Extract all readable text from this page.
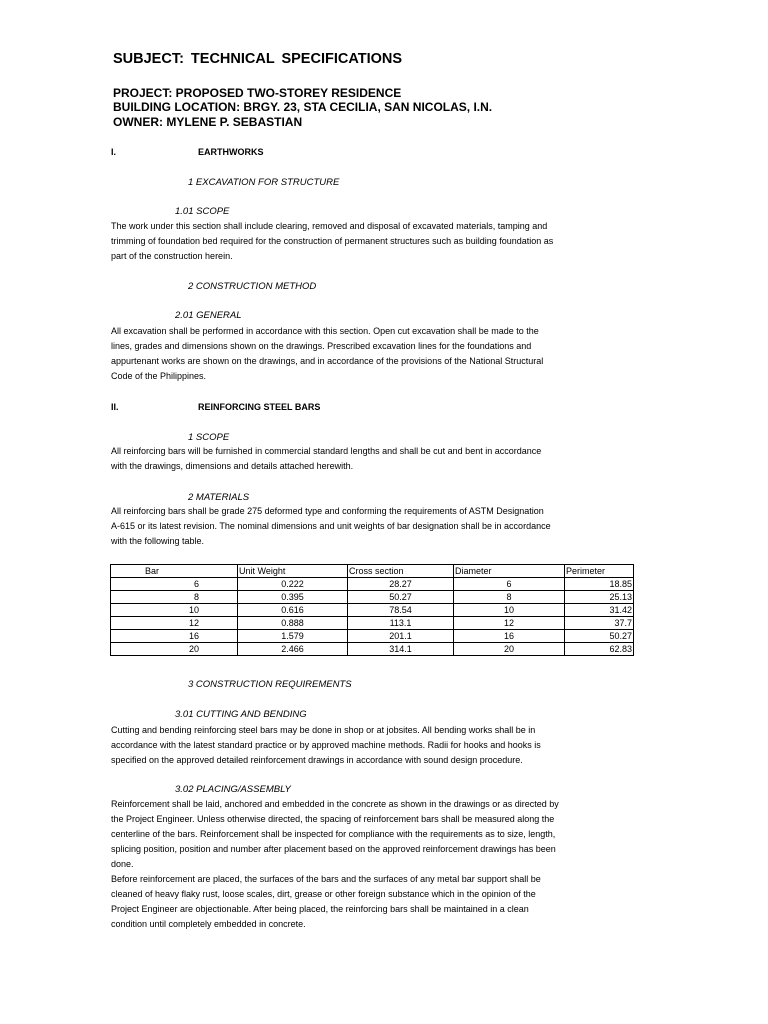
SUBJECT: TECHNICAL SPECIFICATIONS
PROJECT: PROPOSED TWO-STOREY RESIDENCE
BUILDING LOCATION: BRGY. 23, STA CECILIA, SAN NICOLAS, I.N.
OWNER: MYLENE P. SEBASTIAN
I.	EARTHWORKS
1 EXCAVATION FOR STRUCTURE
1.01 SCOPE
The work under this section shall include clearing, removed and disposal of excavated materials, tamping and
trimming of foundation bed required for the construction of permanent structures such as building foundation as
part of the construction herein.
2 CONSTRUCTION METHOD
2.01 GENERAL
All excavation shall be performed in accordance with this section. Open cut excavation shall be made to the
lines, grades and dimensions shown on the drawings. Prescribed excavation lines for the foundations and
appurtenant works are shown on the drawings, and in accordance of the provisions of the National Structural
Code of the Philippines.
II.	REINFORCING STEEL BARS
1 SCOPE
All reinforcing bars will be furnished in commercial standard lengths and shall be cut and bent in accordance
with the drawings, dimensions and details attached herewith.
2 MATERIALS
All reinforcing bars shall be grade 275 deformed type and conforming the requirements of ASTM Designation
A-615 or its latest revision. The nominal dimensions and unit weights of bar designation shall be in accordance
with the following table.
Bar	Unit Weight	Cross section	Diameter	Perimeter
6	0.222	28.27	6	18.85
8	0.395	50.27	8	25.13
10	0.616	78.54	10	31.42
12	0.888	113.1	12	37.7
16	1.579	201.1	16	50.27
20	2.466	314.1	20	62.83
3 CONSTRUCTION REQUIREMENTS
3.01 CUTTING AND BENDING
Cutting and bending reinforcing steel bars may be done in shop or at jobsites. All bending works shall be in
accordance with the latest standard practice or by approved machine methods. Radii for hooks and hooks is
specified on the approved detailed reinforcement drawings in accordance with sound design procedure.
3.02 PLACING/ASSEMBLY
Reinforcement shall be laid, anchored and embedded in the concrete as shown in the drawings or as directed by
the Project Engineer. Unless otherwise directed, the spacing of reinforcement bars shall be measured along the
centerline of the bars. Reinforcement shall be inspected for compliance with the requirements as to size, length,
splicing position, position and number after placement based on the approved reinforcement drawings has been
done.
Before reinforcement are placed, the surfaces of the bars and the surfaces of any metal bar support shall be
cleaned of heavy flaky rust, loose scales, dirt, grease or other foreign substance which in the opinion of the
Project Engineer are objectionable. After being placed, the reinforcing bars shall be maintained in a clean
condition until completely embedded in concrete.
